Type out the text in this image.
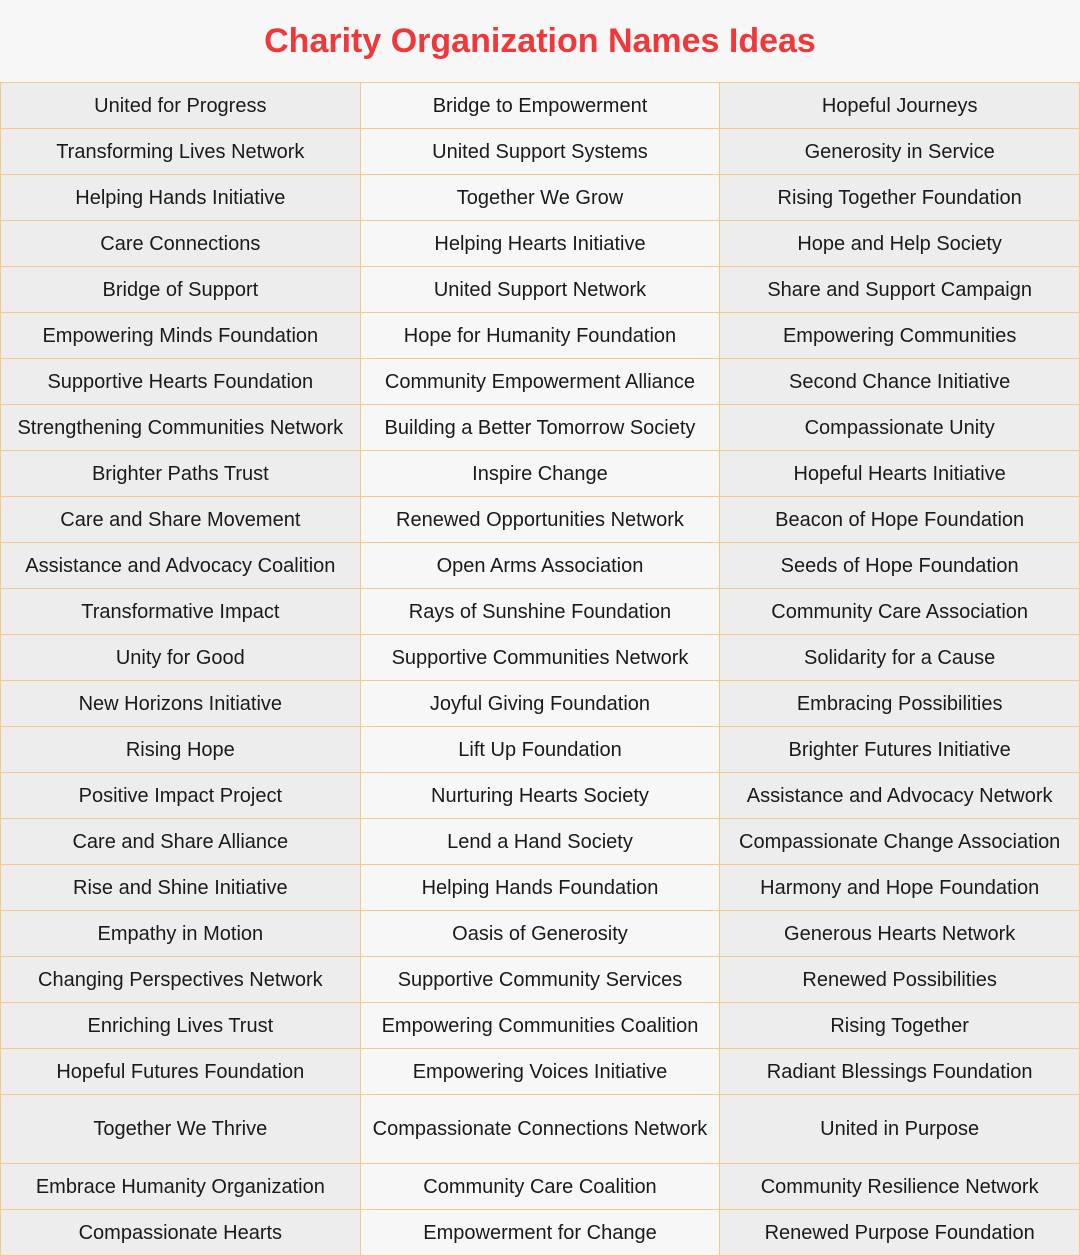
Charity Organization Names Ideas
United for Progress	Bridge to Empowerment	Hopeful Journeys
Transforming Lives Network	United Support Systems	Generosity in Service
Helping Hands Initiative	Together We Grow	Rising Together Foundation
Care Connections	Helping Hearts Initiative	Hope and Help Society
Bridge of Support	United Support Network	Share and Support Campaign
Empowering Minds Foundation	Hope for Humanity Foundation	Empowering Communities
Supportive Hearts Foundation	Community Empowerment Alliance	Second Chance Initiative
Strengthening Communities Network	Building a Better Tomorrow Society	Compassionate Unity
Brighter Paths Trust	Inspire Change	Hopeful Hearts Initiative
Care and Share Movement	Renewed Opportunities Network	Beacon of Hope Foundation
Assistance and Advocacy Coalition	Open Arms Association	Seeds of Hope Foundation
Transformative Impact	Rays of Sunshine Foundation	Community Care Association
Unity for Good	Supportive Communities Network	Solidarity for a Cause
New Horizons Initiative	Joyful Giving Foundation	Embracing Possibilities
Rising Hope	Lift Up Foundation	Brighter Futures Initiative
Positive Impact Project	Nurturing Hearts Society	Assistance and Advocacy Network
Care and Share Alliance	Lend a Hand Society	Compassionate Change Association
Rise and Shine Initiative	Helping Hands Foundation	Harmony and Hope Foundation
Empathy in Motion	Oasis of Generosity	Generous Hearts Network
Changing Perspectives Network	Supportive Community Services	Renewed Possibilities
Enriching Lives Trust	Empowering Communities Coalition	Rising Together
Hopeful Futures Foundation	Empowering Voices Initiative	Radiant Blessings Foundation
Together We Thrive	Compassionate Connections Network	United in Purpose
Embrace Humanity Organization	Community Care Coalition	Community Resilience Network
Compassionate Hearts	Empowerment for Change	Renewed Purpose Foundation
